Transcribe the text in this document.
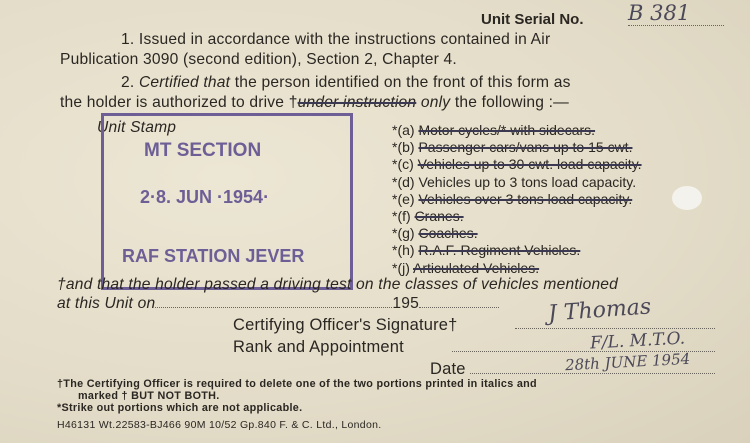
Unit Serial No. B 381
1. Issued in accordance with the instructions contained in Air
Publication 3090 (second edition), Section 2, Chapter 4.
2. Certified that the person identified on the front of this form as
the holder is authorized to drive †under instruction only the following :—
Unit Stamp
MT SECTION
2·8. JUN ·1954·
RAF STATION JEVER
*(a) Motor cycles/* with sidecars.
*(b) Passenger cars/vans up to 15 cwt.
*(c) Vehicles up to 30 cwt. load capacity.
*(d) Vehicles up to 3 tons load capacity.
*(e) Vehicles over 3 tons load capacity.
*(f) Cranes.
*(g) Coaches.
*(h) R.A.F. Regiment Vehicles.
*(j) Articulated Vehicles.
†and that the holder passed a driving test on the classes of vehicles mentioned
at this Unit on	195
Certifying Officer's Signature†	J Thomas
Rank and Appointment	F/L. M.T.O.
Date	28th JUNE 1954
†The Certifying Officer is required to delete one of the two portions printed in italics and
marked † BUT NOT BOTH.
*Strike out portions which are not applicable.
H46131 Wt.22583-BJ466 90M 10/52 Gp.840 F. & C. Ltd., London.
